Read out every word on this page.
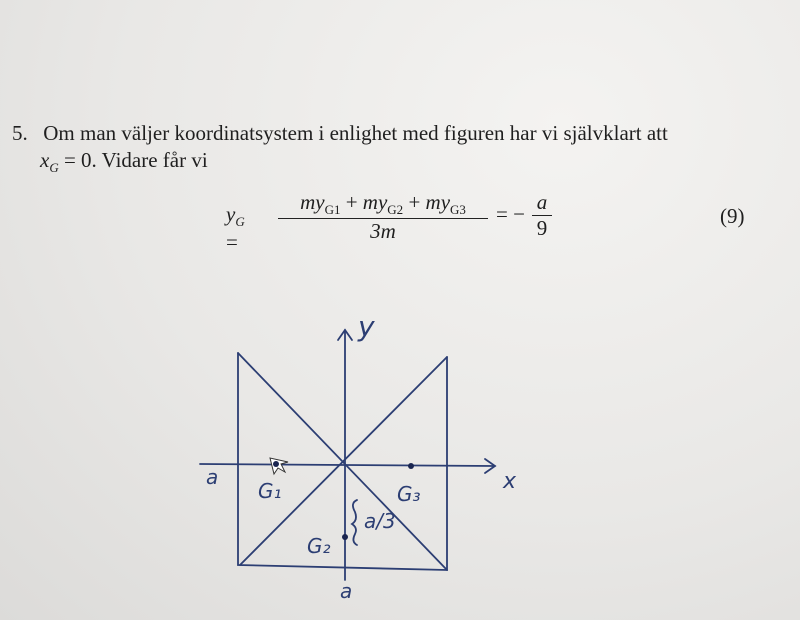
5. Om man väljer koordinatsystem i enlighet med figuren har vi självklart att
$x_G = 0$. Vidare får vi
$y_G$ =
$my_{G1} + my_{G2} + my_{G3}$
3m
= − a
9	(9)
y
x
a
a
G₁
G₂
G₃
a/3
